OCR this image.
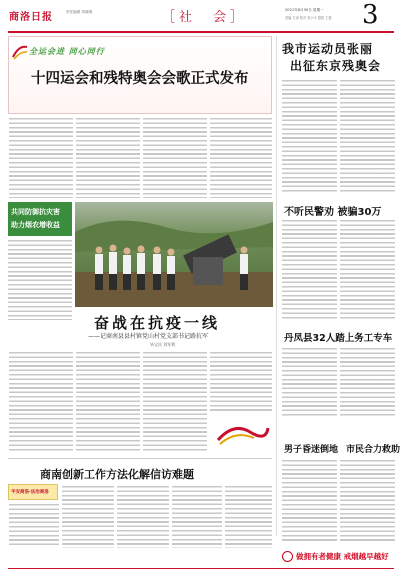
商洛日报	责任编辑 刘晓明	［社　会］	2021年8月30日 星期一
美编 左涛 校对 刘小平 照排 王磊 3
全运会进 同心同行
十四运会和残特奥会会歌正式发布
我市运动员张丽
出征东京残奥会
共同防御抗灾害
助力烟农增收益
奋战在抗疫一线
——记商南县县村镇党山村党支部书记路抗军
毕宝民 刘军利
不听民警劝 被骗30万
丹凤县32人踏上务工专车
男子昏迷倒地 市民合力救助
商南创新工作方法化解信访难题
平安商洛·法治商洛
做拥有者健康 戒烟越早越好
